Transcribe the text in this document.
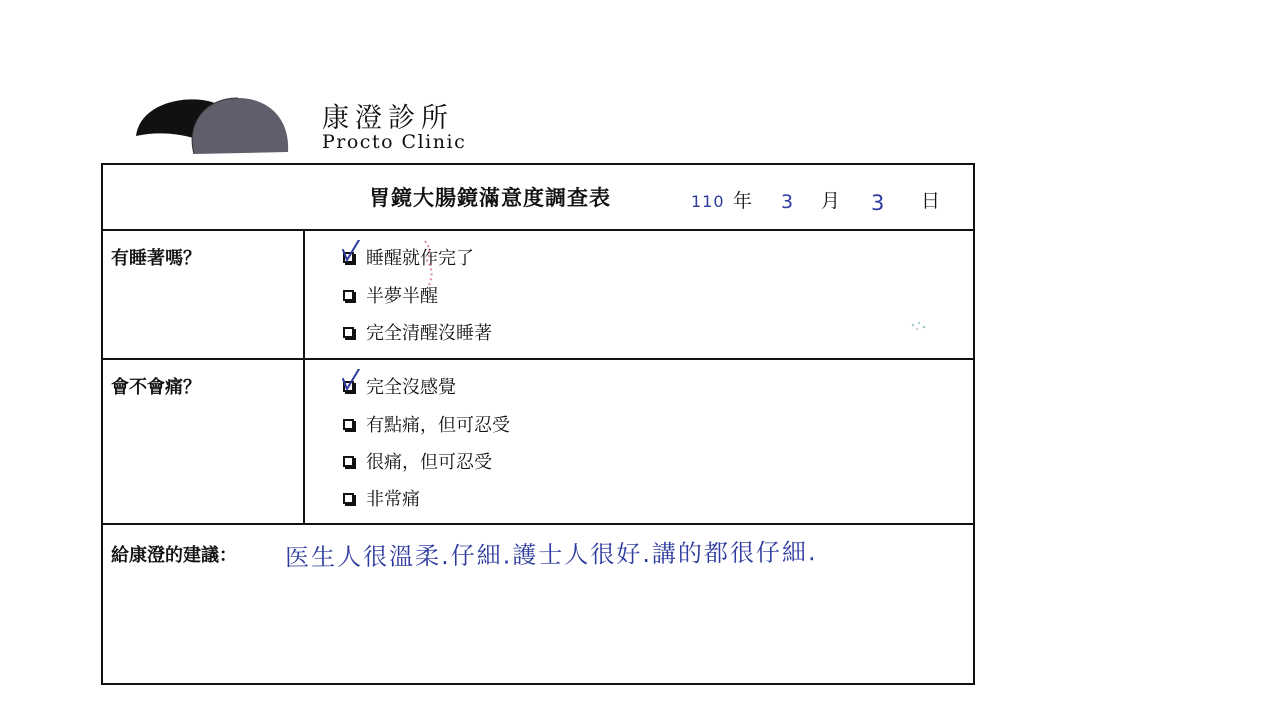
康澄診所
Procto Clinic
胃鏡大腸鏡滿意度調查表	110 年 3 月 3 日
有睡著嗎？	睡醒就作完了
半夢半醒
完全清醒沒睡著
會不會痛？	完全沒感覺
有點痛，但可忍受
很痛，但可忍受
非常痛
給康澄的建議： 医生人很溫柔.仔細.護士人很好.講的都很仔細.
